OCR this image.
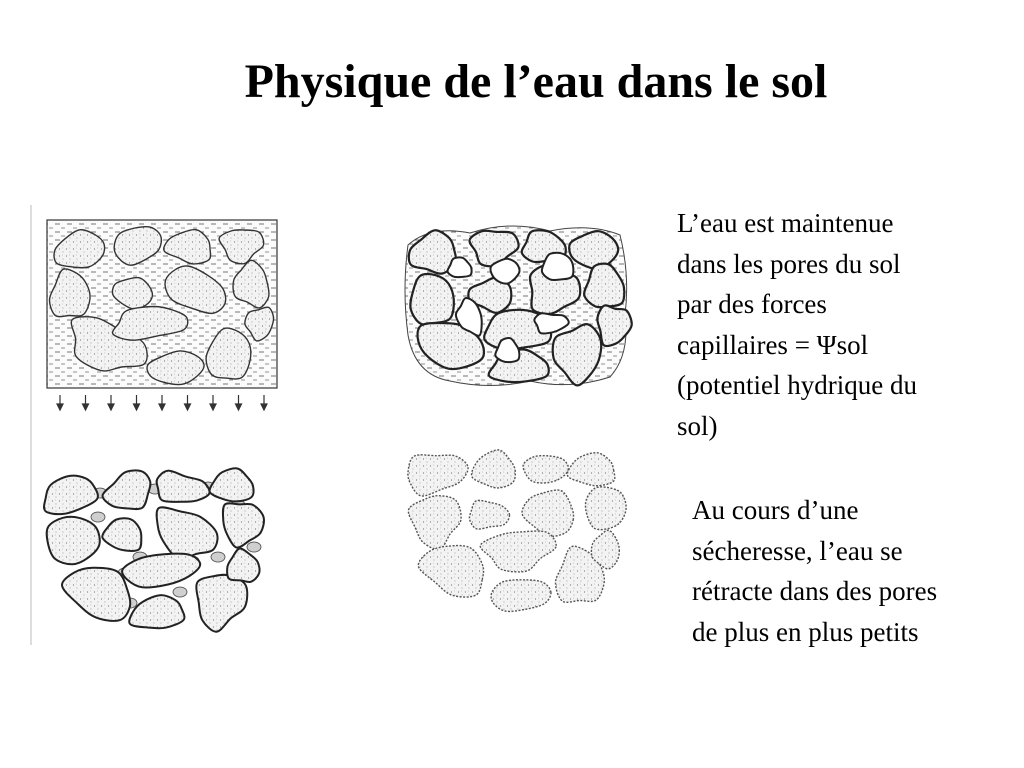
Physique de l’eau dans le sol
L’eau est maintenue
dans les pores du sol
par des forces
capillaires = Ψsol
(potentiel hydrique du
sol)
Au cours d’une
sécheresse, l’eau se
rétracte dans des pores
de plus en plus petits
